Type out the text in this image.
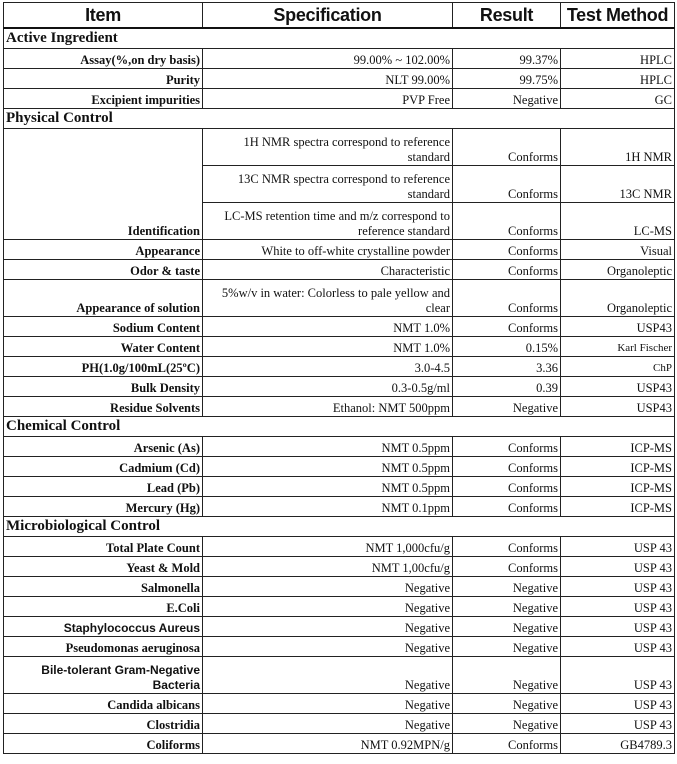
Item	Specification	Result	Test Method
Active Ingredient			
Assay(%,on dry basis)	99.00% ~ 102.00%	99.37%	HPLC
Purity	NLT 99.00%	99.75%	HPLC
Excipient impurities	PVP Free	Negative	GC
Physical Control			
Identification	1H NMR spectra correspond to reference standard	Conforms	1H NMR
	13C NMR spectra correspond to reference standard	Conforms	13C NMR
	LC-MS retention time and m/z correspond to reference standard	Conforms	LC-MS
Appearance	White to off-white crystalline powder	Conforms	Visual
Odor & taste	Characteristic	Conforms	Organoleptic
Appearance of solution	5%w/v in water: Colorless to pale yellow and clear	Conforms	Organoleptic
Sodium Content	NMT 1.0%	Conforms	USP43
Water Content	NMT 1.0%	0.15%	Karl Fischer
PH(1.0g/100mL(25ºC)	3.0-4.5	3.36	ChP
Bulk Density	0.3-0.5g/ml	0.39	USP43
Residue Solvents	Ethanol: NMT 500ppm	Negative	USP43
Chemical Control			
Arsenic (As)	NMT 0.5ppm	Conforms	ICP-MS
Cadmium (Cd)	NMT 0.5ppm	Conforms	ICP-MS
Lead (Pb)	NMT 0.5ppm	Conforms	ICP-MS
Mercury (Hg)	NMT 0.1ppm	Conforms	ICP-MS
Microbiological Control			
Total Plate Count	NMT 1,000cfu/g	Conforms	USP 43
Yeast & Mold	NMT 1,00cfu/g	Conforms	USP 43
Salmonella	Negative	Negative	USP 43
E.Coli	Negative	Negative	USP 43
Staphylococcus Aureus	Negative	Negative	USP 43
Pseudomonas aeruginosa	Negative	Negative	USP 43
Bile-tolerant Gram-Negative Bacteria	Negative	Negative	USP 43
Candida albicans	Negative	Negative	USP 43
Clostridia	Negative	Negative	USP 43
Coliforms	NMT 0.92MPN/g	Conforms	GB4789.3
